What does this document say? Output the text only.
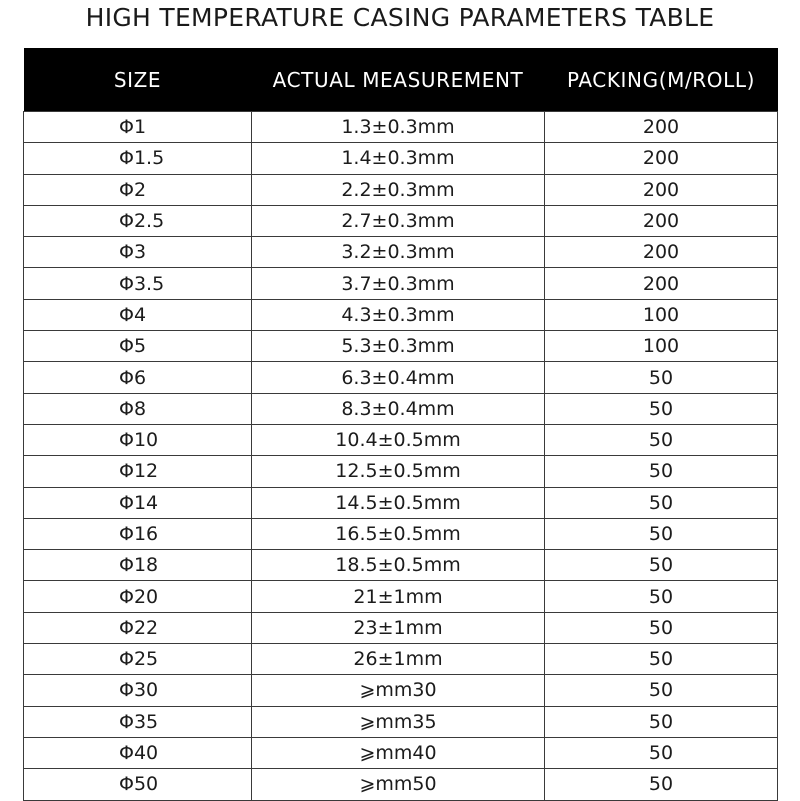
HIGH TEMPERATURE CASING PARAMETERS TABLE
SIZE	ACTUAL MEASUREMENT	PACKING(M/ROLL)
Φ1	1.3±0.3mm	200
Φ1.5	1.4±0.3mm	200
Φ2	2.2±0.3mm	200
Φ2.5	2.7±0.3mm	200
Φ3	3.2±0.3mm	200
Φ3.5	3.7±0.3mm	200
Φ4	4.3±0.3mm	100
Φ5	5.3±0.3mm	100
Φ6	6.3±0.4mm	50
Φ8	8.3±0.4mm	50
Φ10	10.4±0.5mm	50
Φ12	12.5±0.5mm	50
Φ14	14.5±0.5mm	50
Φ16	16.5±0.5mm	50
Φ18	18.5±0.5mm	50
Φ20	21±1mm	50
Φ22	23±1mm	50
Φ25	26±1mm	50
Φ30	⩾mm30	50
Φ35	⩾mm35	50
Φ40	⩾mm40	50
Φ50	⩾mm50	50
